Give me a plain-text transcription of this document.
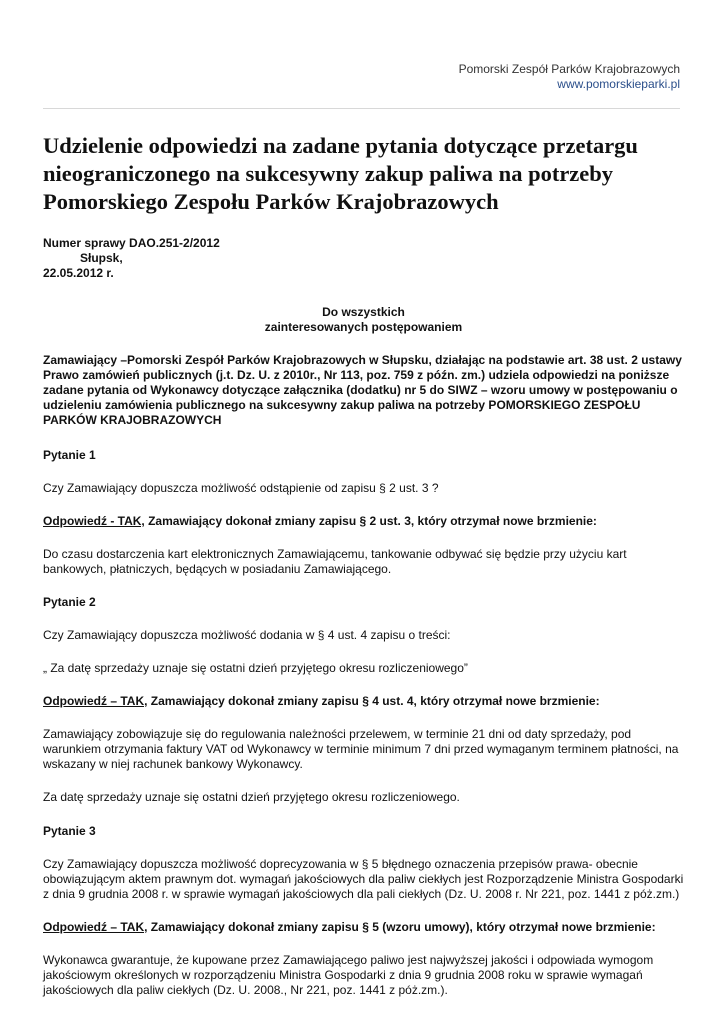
Pomorski Zespół Parków Krajobrazowych
www.pomorskieparki.pl
Udzielenie odpowiedzi na zadane pytania dotyczące przetargu nieograniczonego na sukcesywny zakup paliwa na potrzeby Pomorskiego Zespołu Parków Krajobrazowych

Numer sprawy DAO.251-2/2012

Słupsk,
22.05.2012 r.

Do wszystkich
zainteresowanych postępowaniem

Zamawiający –Pomorski Zespół Parków Krajobrazowych w Słupsku, działając na podstawie art. 38 ust. 2 ustawy Prawo zamówień publicznych (j.t. Dz. U. z 2010r., Nr 113, poz. 759 z późn. zm.) udziela odpowiedzi na poniższe zadane pytania od Wykonawcy dotyczące załącznika (dodatku) nr 5 do SIWZ – wzoru umowy w postępowaniu o udzieleniu zamówienia publicznego na sukcesywny zakup paliwa na potrzeby POMORSKIEGO ZESPOŁU PARKÓW KRAJOBRAZOWYCH

Pytanie 1

Czy Zamawiający dopuszcza możliwość odstąpienie od zapisu § 2 ust. 3 ?

Odpowiedź - TAK, Zamawiający dokonał zmiany zapisu § 2 ust. 3, który otrzymał nowe brzmienie:

Do czasu dostarczenia kart elektronicznych Zamawiającemu, tankowanie odbywać się będzie przy użyciu kart bankowych, płatniczych, będących w posiadaniu Zamawiającego.

Pytanie 2

Czy Zamawiający dopuszcza możliwość dodania w § 4 ust. 4 zapisu o treści:

„ Za datę sprzedaży uznaje się ostatni dzień przyjętego okresu rozliczeniowego”

Odpowiedź – TAK, Zamawiający dokonał zmiany zapisu § 4 ust. 4, który otrzymał nowe brzmienie:

Zamawiający zobowiązuje się do regulowania należności przelewem, w terminie 21 dni od daty sprzedaży, pod warunkiem otrzymania faktury VAT od Wykonawcy w terminie minimum 7 dni przed wymaganym terminem płatności, na wskazany w niej rachunek bankowy Wykonawcy.

Za datę sprzedaży uznaje się ostatni dzień przyjętego okresu rozliczeniowego.

Pytanie 3

Czy Zamawiający dopuszcza możliwość doprecyzowania w § 5 błędnego oznaczenia przepisów prawa- obecnie obowiązującym aktem prawnym dot. wymagań jakościowych dla paliw ciekłych jest Rozporządzenie Ministra Gospodarki z dnia 9 grudnia 2008 r. w sprawie wymagań jakościowych dla pali ciekłych (Dz. U. 2008 r. Nr 221, poz. 1441 z póż.zm.)

Odpowiedź – TAK, Zamawiający dokonał zmiany zapisu § 5 (wzoru umowy), który otrzymał nowe brzmienie:

Wykonawca gwarantuje, że kupowane przez Zamawiającego paliwo jest najwyższej jakości i odpowiada wymogom jakościowym określonych w rozporządzeniu Ministra Gospodarki z dnia 9 grudnia 2008 roku w sprawie wymagań jakościowych dla paliw ciekłych (Dz. U. 2008., Nr 221, poz. 1441 z póż.zm.).
